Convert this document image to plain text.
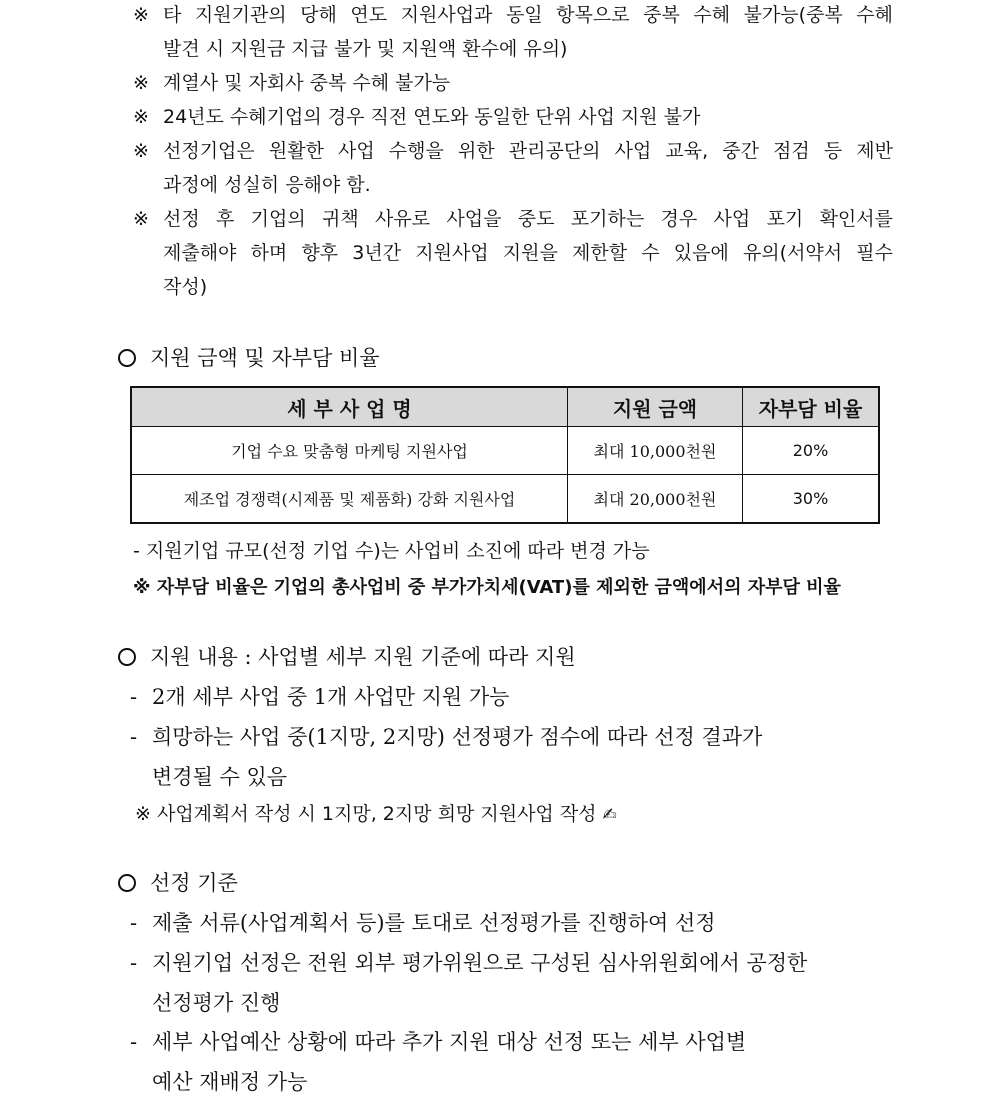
※ 타 지원기관의 당해 연도 지원사업과 동일 항목으로 중복 수혜 불가능(중복 수혜
발견 시 지원금 지급 불가 및 지원액 환수에 유의)
※ 계열사 및 자회사 중복 수혜 불가능
※ 24년도 수혜기업의 경우 직전 연도와 동일한 단위 사업 지원 불가
※ 선정기업은 원활한 사업 수행을 위한 관리공단의 사업 교육, 중간 점검 등 제반
과정에 성실히 응해야 함.
※ 선정 후 기업의 귀책 사유로 사업을 중도 포기하는 경우 사업 포기 확인서를
제출해야 하며 향후 3년간 지원사업 지원을 제한할 수 있음에 유의(서약서 필수
작성)
지원 금액 및 자부담 비율
세 부 사 업 명	지원 금액	자부담 비율
기업 수요 맞춤형 마케팅 지원사업	최대 10,000천원	20%
제조업 경쟁력(시제품 및 제품화) 강화 지원사업	최대 20,000천원	30%
- 지원기업 규모(선정 기업 수)는 사업비 소진에 따라 변경 가능
※ 자부담 비율은 기업의 총사업비 중 부가가치세(VAT)를 제외한 금액에서의 자부담 비율
지원 내용 : 사업별 세부 지원 기준에 따라 지원
- 2개 세부 사업 중 1개 사업만 지원 가능
- 희망하는 사업 중(1지망, 2지망) 선정평가 점수에 따라 선정 결과가
변경될 수 있음
※ 사업계획서 작성 시 1지망, 2지망 희망 지원사업 작성 ✍
선정 기준
- 제출 서류(사업계획서 등)를 토대로 선정평가를 진행하여 선정
- 지원기업 선정은 전원 외부 평가위원으로 구성된 심사위원회에서 공정한
선정평가 진행
- 세부 사업예산 상황에 따라 추가 지원 대상 선정 또는 세부 사업별
예산 재배정 가능
